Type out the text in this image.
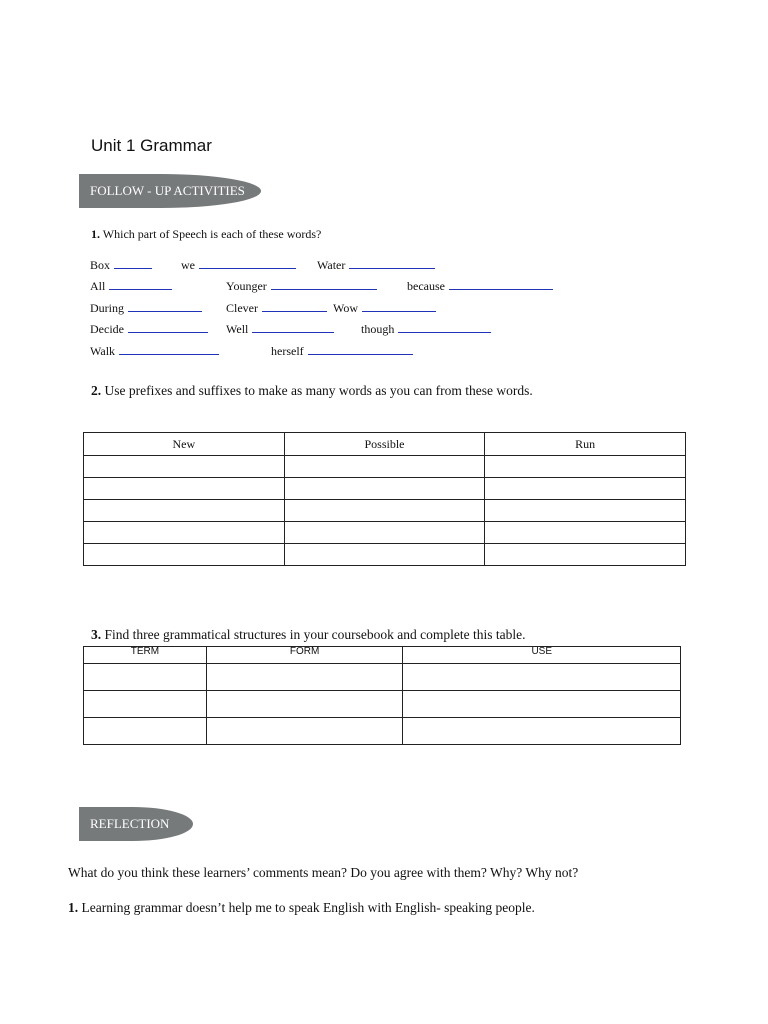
Unit 1 Grammar
FOLLOW - UP ACTIVITIES
1. Which part of Speech is each of these words?
Box	we	Water
All	Younger	because
During	Clever	Wow
Decide	Well	though
Walk	herself
2. Use prefixes and suffixes to make as many words as you can from these words.
New	Possible	Run

3. Find three grammatical structures in your coursebook and complete this table.
TERM	FORM	USE

REFLECTION
What do you think these learners’ comments mean? Do you agree with them? Why? Why not?
1. Learning grammar doesn’t help me to speak English with English- speaking people.
